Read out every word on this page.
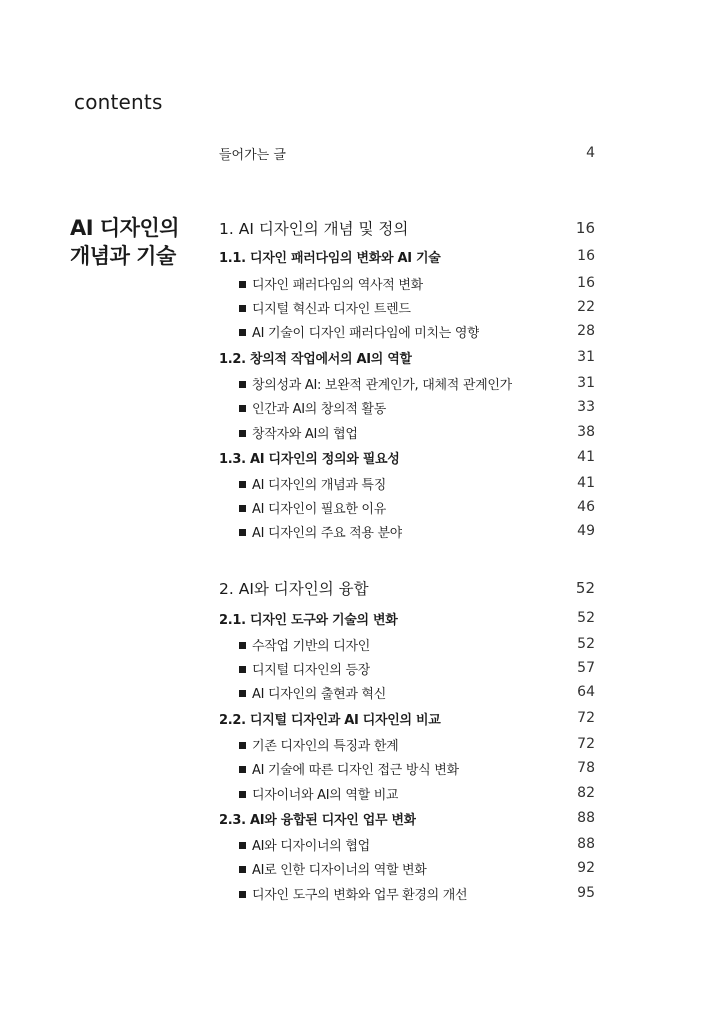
contents
AI 디자인의
개념과 기술
들어가는 글	4
1. AI 디자인의 개념 및 정의	16
1.1. 디자인 패러다임의 변화와 AI 기술	16
디자인 패러다임의 역사적 변화	16
디지털 혁신과 디자인 트렌드	22
AI 기술이 디자인 패러다임에 미치는 영향	28
1.2. 창의적 작업에서의 AI의 역할	31
창의성과 AI: 보완적 관계인가, 대체적 관계인가	31
인간과 AI의 창의적 활동	33
창작자와 AI의 협업	38
1.3. AI 디자인의 정의와 필요성	41
AI 디자인의 개념과 특징	41
AI 디자인이 필요한 이유	46
AI 디자인의 주요 적용 분야	49
2. AI와 디자인의 융합	52
2.1. 디자인 도구와 기술의 변화	52
수작업 기반의 디자인	52
디지털 디자인의 등장	57
AI 디자인의 출현과 혁신	64
2.2. 디지털 디자인과 AI 디자인의 비교	72
기존 디자인의 특징과 한계	72
AI 기술에 따른 디자인 접근 방식 변화	78
디자이너와 AI의 역할 비교	82
2.3. AI와 융합된 디자인 업무 변화	88
AI와 디자이너의 협업	88
AI로 인한 디자이너의 역할 변화	92
디자인 도구의 변화와 업무 환경의 개선	95
